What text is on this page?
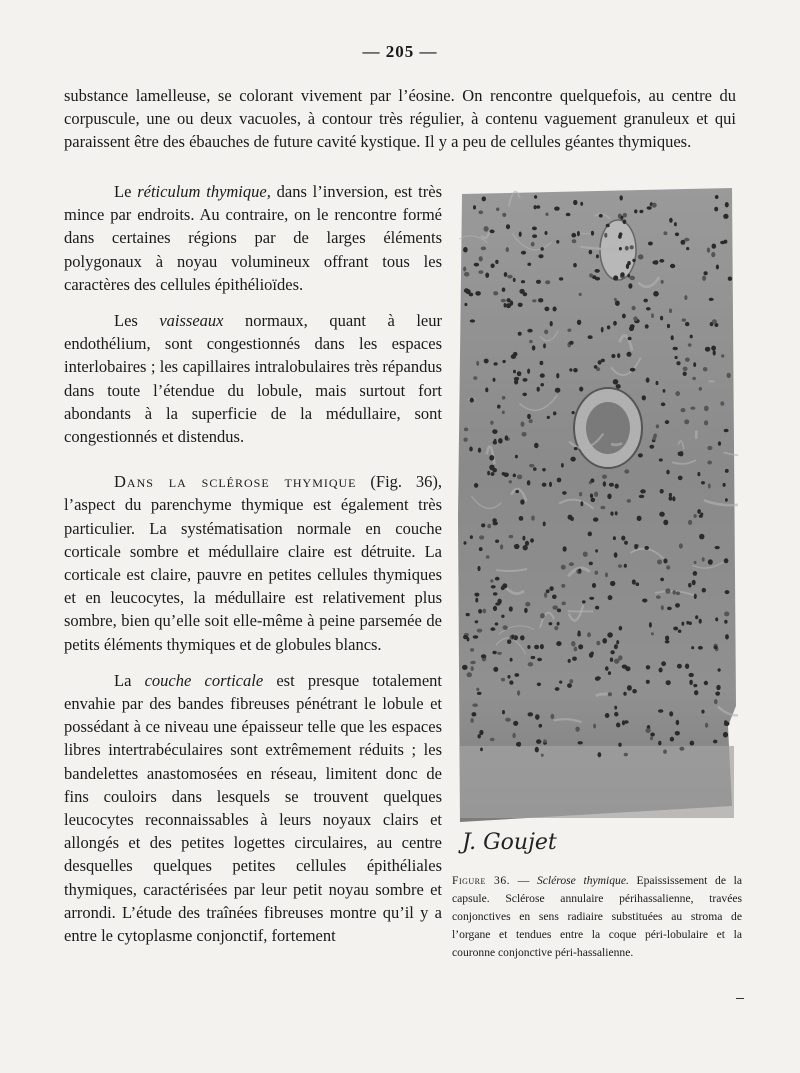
— 205 —

substance lamelleuse, se colorant vivement par l’éosine. On rencontre quelquefois, au centre du corpuscule, une ou deux vacuoles, à contour très régulier, à contenu vaguement granuleux et qui paraissent être des ébauches de future cavité kystique. Il y a peu de cellules géantes thymiques.

Le réticulum thymique, dans l’inversion, est très mince par endroits. Au contraire, on le rencontre formé dans certaines régions par de larges éléments polygonaux à noyau volumineux offrant tous les caractères des cellules épithélioïdes.

Les vaisseaux normaux, quant à leur endothélium, sont congestionnés dans les espaces interlobaires ; les capillaires intralobulaires très répandus dans toute l’étendue du lobule, mais surtout fort abondants à la superficie de la médullaire, sont congestionnés et distendus.

Dans la sclérose thymique (Fig. 36), l’aspect du parenchyme thymique est également très particulier. La systématisation normale en couche corticale sombre et médullaire claire est détruite. La corticale est claire, pauvre en petites cellules thymiques et en leucocytes, la médullaire est relativement plus sombre, bien qu’elle soit elle-même à peine parsemée de petits éléments thymiques et de globules blancs.

La couche corticale est presque totalement envahie par des bandes fibreuses pénétrant le lobule et possédant à ce niveau une épaisseur telle que les espaces libres intertrabéculaires sont extrêmement réduits ; les bandelettes anastomosées en réseau, limitent donc de fins couloirs dans lesquels se trouvent quelques leucocytes reconnaissables à leurs noyaux clairs et allongés et des petites logettes circulaires, au centre desquelles quelques petites cellules épithéliales thymiques, caractérisées par leur petit noyau sombre et arrondi. L’étude des traînées fibreuses montre qu’il y a entre le cytoplasme conjonctif, fortement

J. Goujet

Figure 36. — Sclérose thymique. Epaississement de la capsule. Sclérose annulaire périhassalienne, travées conjonctives en sens radiaire substituées au stroma de l’organe et tendues entre la coque péri-lobulaire et la couronne conjonctive péri-hassalienne.
